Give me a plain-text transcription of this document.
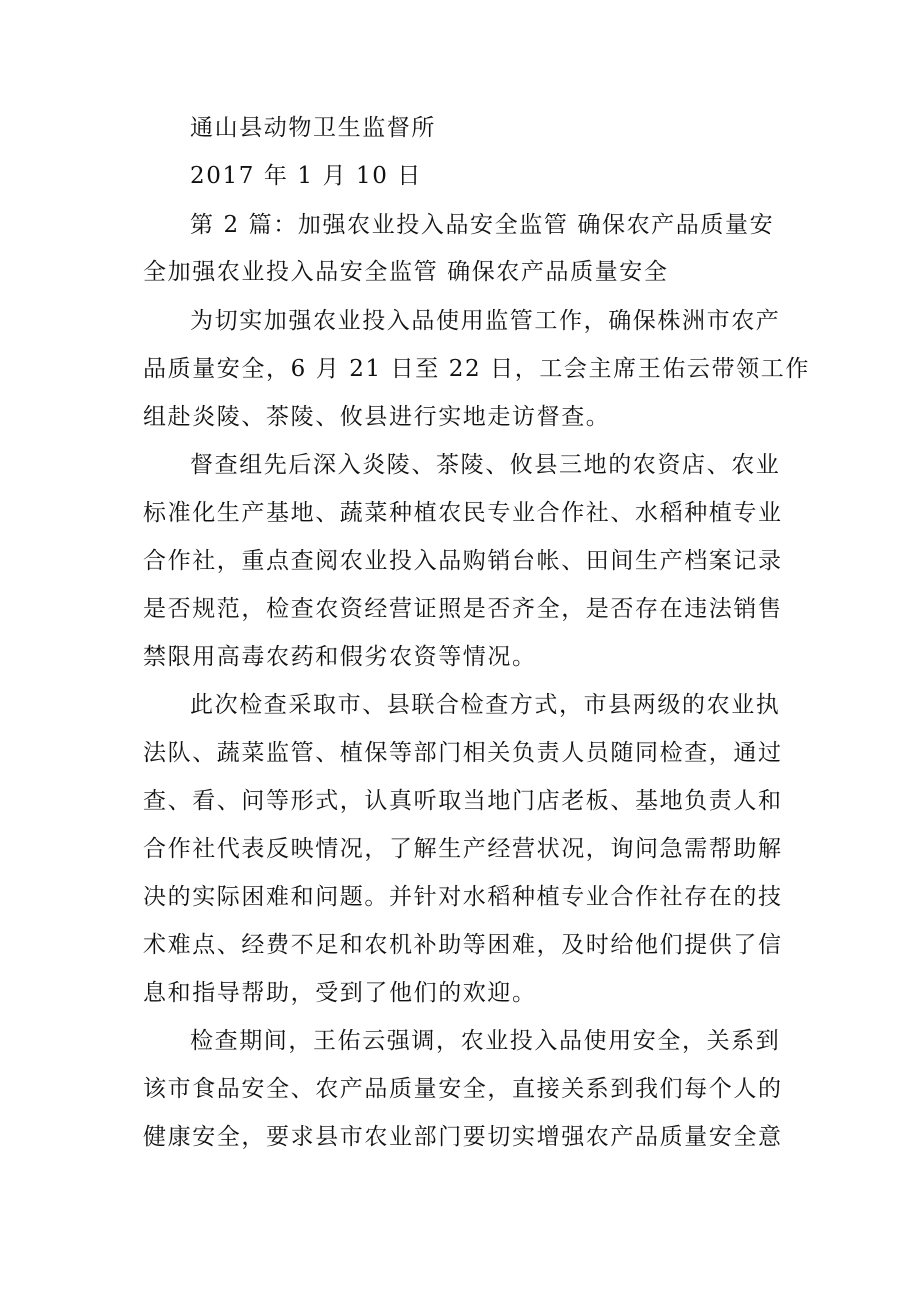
通山县动物卫生监督所
2017 年 1 月 10 日
第 2 篇：加强农业投入品安全监管 确保农产品质量安
全加强农业投入品安全监管 确保农产品质量安全
为切实加强农业投入品使用监管工作，确保株洲市农产
品质量安全，6 月 21 日至 22 日，工会主席王佑云带领工作
组赴炎陵、茶陵、攸县进行实地走访督查。
督查组先后深入炎陵、茶陵、攸县三地的农资店、农业
标准化生产基地、蔬菜种植农民专业合作社、水稻种植专业
合作社，重点查阅农业投入品购销台帐、田间生产档案记录
是否规范，检查农资经营证照是否齐全，是否存在违法销售
禁限用高毒农药和假劣农资等情况。
此次检查采取市、县联合检查方式，市县两级的农业执
法队、蔬菜监管、植保等部门相关负责人员随同检查，通过
查、看、问等形式，认真听取当地门店老板、基地负责人和
合作社代表反映情况，了解生产经营状况，询问急需帮助解
决的实际困难和问题。并针对水稻种植专业合作社存在的技
术难点、经费不足和农机补助等困难，及时给他们提供了信
息和指导帮助，受到了他们的欢迎。
检查期间，王佑云强调，农业投入品使用安全，关系到
该市食品安全、农产品质量安全，直接关系到我们每个人的
健康安全，要求县市农业部门要切实增强农产品质量安全意
